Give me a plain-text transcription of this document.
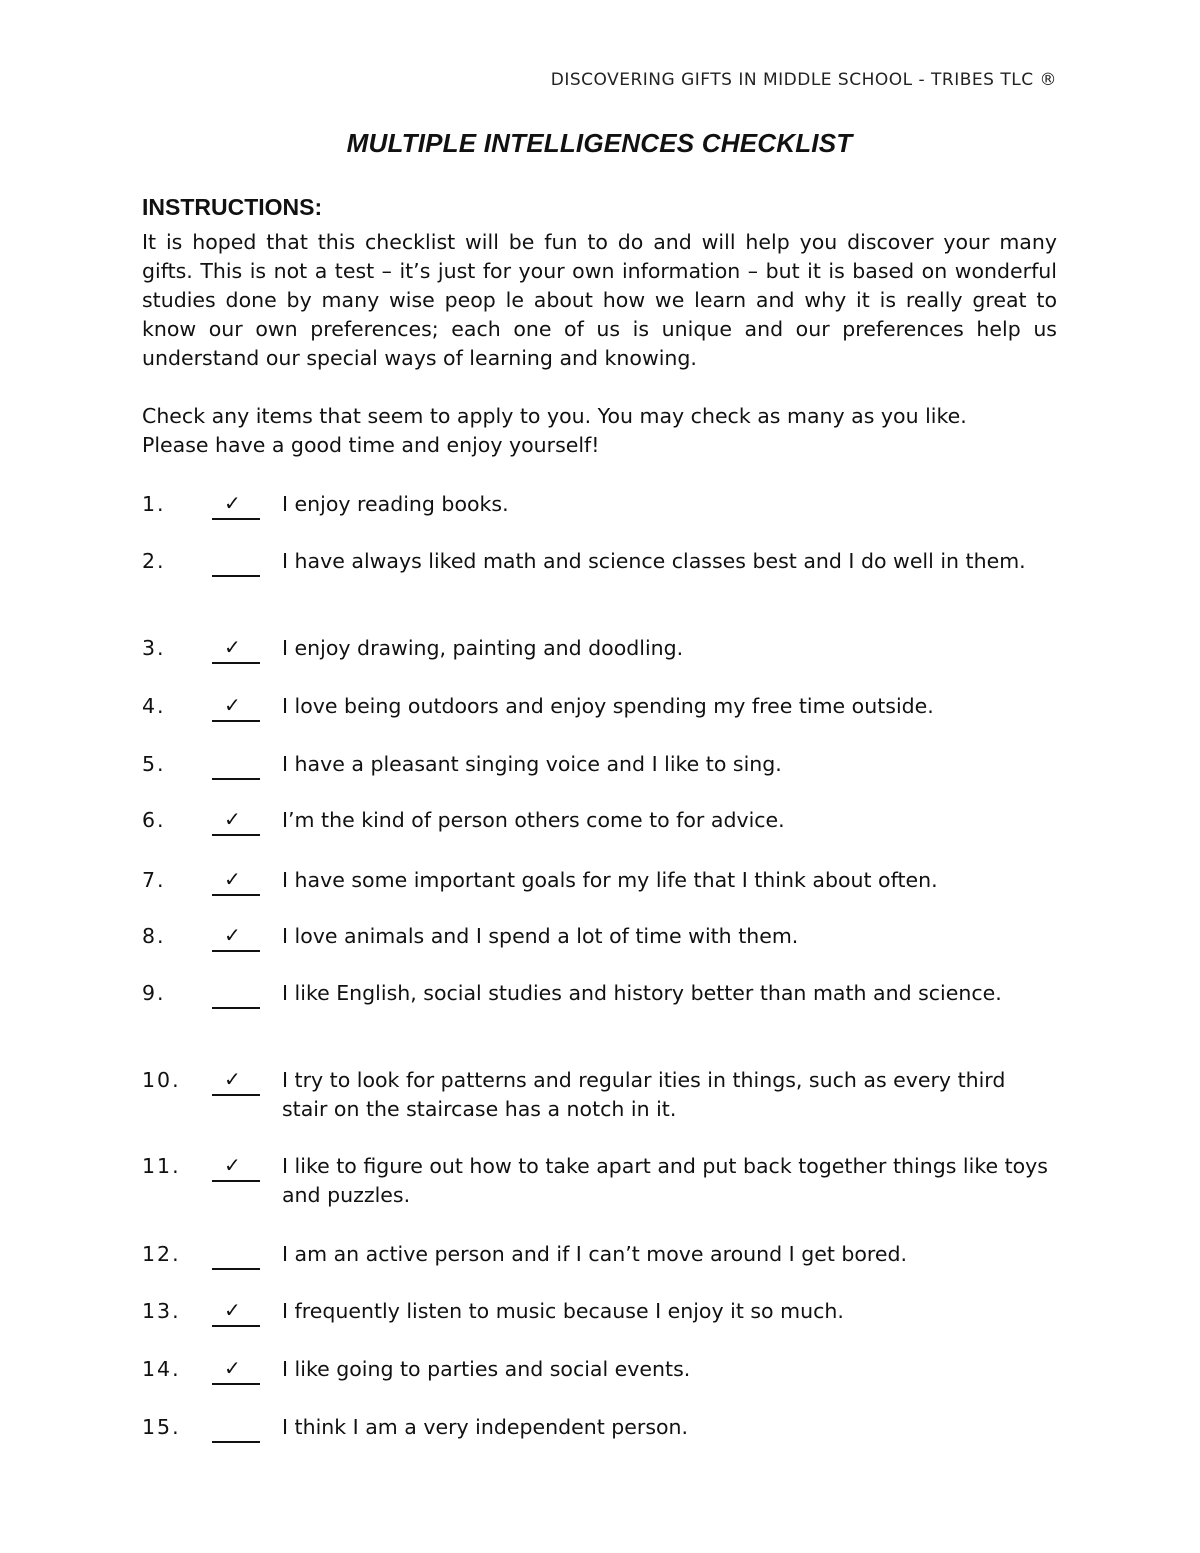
DISCOVERING GIFTS IN MIDDLE SCHOOL - TRIBES TLC ®
MULTIPLE INTELLIGENCES CHECKLIST
INSTRUCTIONS:

It is hoped that this checklist will be fun to do and will help you discover your many gifts. This is not a test – it’s just for your own information – but it is based on wonderful studies done by many wise peop le about how we learn and why it is really great to know our own preferences; each one of us is unique and our preferences help us understand our special ways of learning and knowing.

Check any items that seem to apply to you. You may check as many as you like. Please have a good time and enjoy yourself!

1.	✓ I enjoy reading books.
2.	I have always liked math and science classes best and I do well in them.
3.	✓ I enjoy drawing, painting and doodling.
4.	✓ I love being outdoors and enjoy spending my free time outside.
5.	I have a pleasant singing voice and I like to sing.
6.	✓ I’m the kind of person others come to for advice.
7.	✓ I have some important goals for my life that I think about often.
8.	✓ I love animals and I spend a lot of time with them.
9.	I like English, social studies and history better than math and science.
10. ✓ I try to look for patterns and regular ities in things, such as every third stair on the staircase has a notch in it.
11. ✓ I like to figure out how to take apart and put back together things like toys and puzzles.
12.	I am an active person and if I can’t move around I get bored.
13. ✓ I frequently listen to music because I enjoy it so much.
14. ✓ I like going to parties and social events.
15.	I think I am a very independent person.
